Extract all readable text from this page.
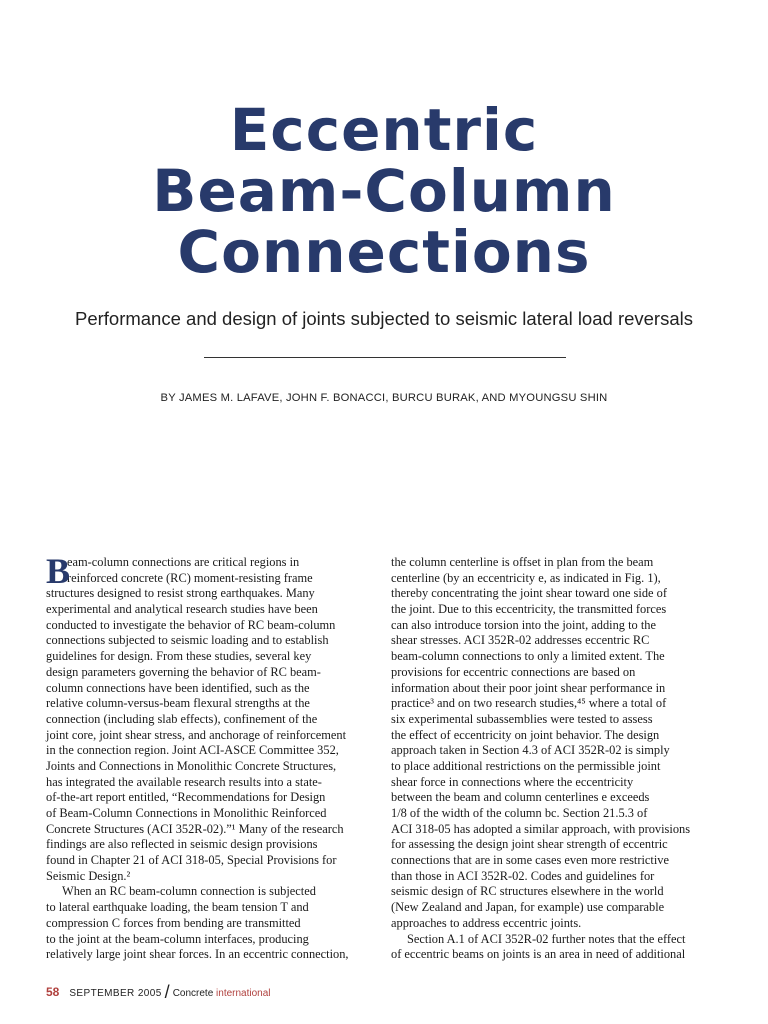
Eccentric
Beam-Column
Connections
Performance and design of joints subjected to seismic lateral load reversals
BY JAMES M. LAFAVE, JOHN F. BONACCI, BURCU BURAK, AND MYOUNGSU SHIN
B
eam-column connections are critical regions in
reinforced concrete (RC) moment-resisting frame
structures designed to resist strong earthquakes. Many
experimental and analytical research studies have been
conducted to investigate the behavior of RC beam-column
connections subjected to seismic loading and to establish
guidelines for design. From these studies, several key
design parameters governing the behavior of RC beam-
column connections have been identified, such as the
relative column-versus-beam flexural strengths at the
connection (including slab effects), confinement of the
joint core, joint shear stress, and anchorage of reinforcement
in the connection region. Joint ACI-ASCE Committee 352,
Joints and Connections in Monolithic Concrete Structures,
has integrated the available research results into a state-
of-the-art report entitled, “Recommendations for Design
of Beam-Column Connections in Monolithic Reinforced
Concrete Structures (ACI 352R-02).”¹ Many of the research
findings are also reflected in seismic design provisions
found in Chapter 21 of ACI 318-05, Special Provisions for
Seismic Design.²
When an RC beam-column connection is subjected
to lateral earthquake loading, the beam tension T and
compression C forces from bending are transmitted
to the joint at the beam-column interfaces, producing
relatively large joint shear forces. In an eccentric connection,
the column centerline is offset in plan from the beam
centerline (by an eccentricity e, as indicated in Fig. 1),
thereby concentrating the joint shear toward one side of
the joint. Due to this eccentricity, the transmitted forces
can also introduce torsion into the joint, adding to the
shear stresses. ACI 352R-02 addresses eccentric RC
beam-column connections to only a limited extent. The
provisions for eccentric connections are based on
information about their poor joint shear performance in
practice³ and on two research studies,⁴⁵ where a total of
six experimental subassemblies were tested to assess
the effect of eccentricity on joint behavior. The design
approach taken in Section 4.3 of ACI 352R-02 is simply
to place additional restrictions on the permissible joint
shear force in connections where the eccentricity
between the beam and column centerlines e exceeds
1/8 of the width of the column bc. Section 21.5.3 of
ACI 318-05 has adopted a similar approach, with provisions
for assessing the design joint shear strength of eccentric
connections that are in some cases even more restrictive
than those in ACI 352R-02. Codes and guidelines for
seismic design of RC structures elsewhere in the world
(New Zealand and Japan, for example) use comparable
approaches to address eccentric joints.
Section A.1 of ACI 352R-02 further notes that the effect
of eccentric beams on joints is an area in need of additional
58 SEPTEMBER 2005 / Concrete international
